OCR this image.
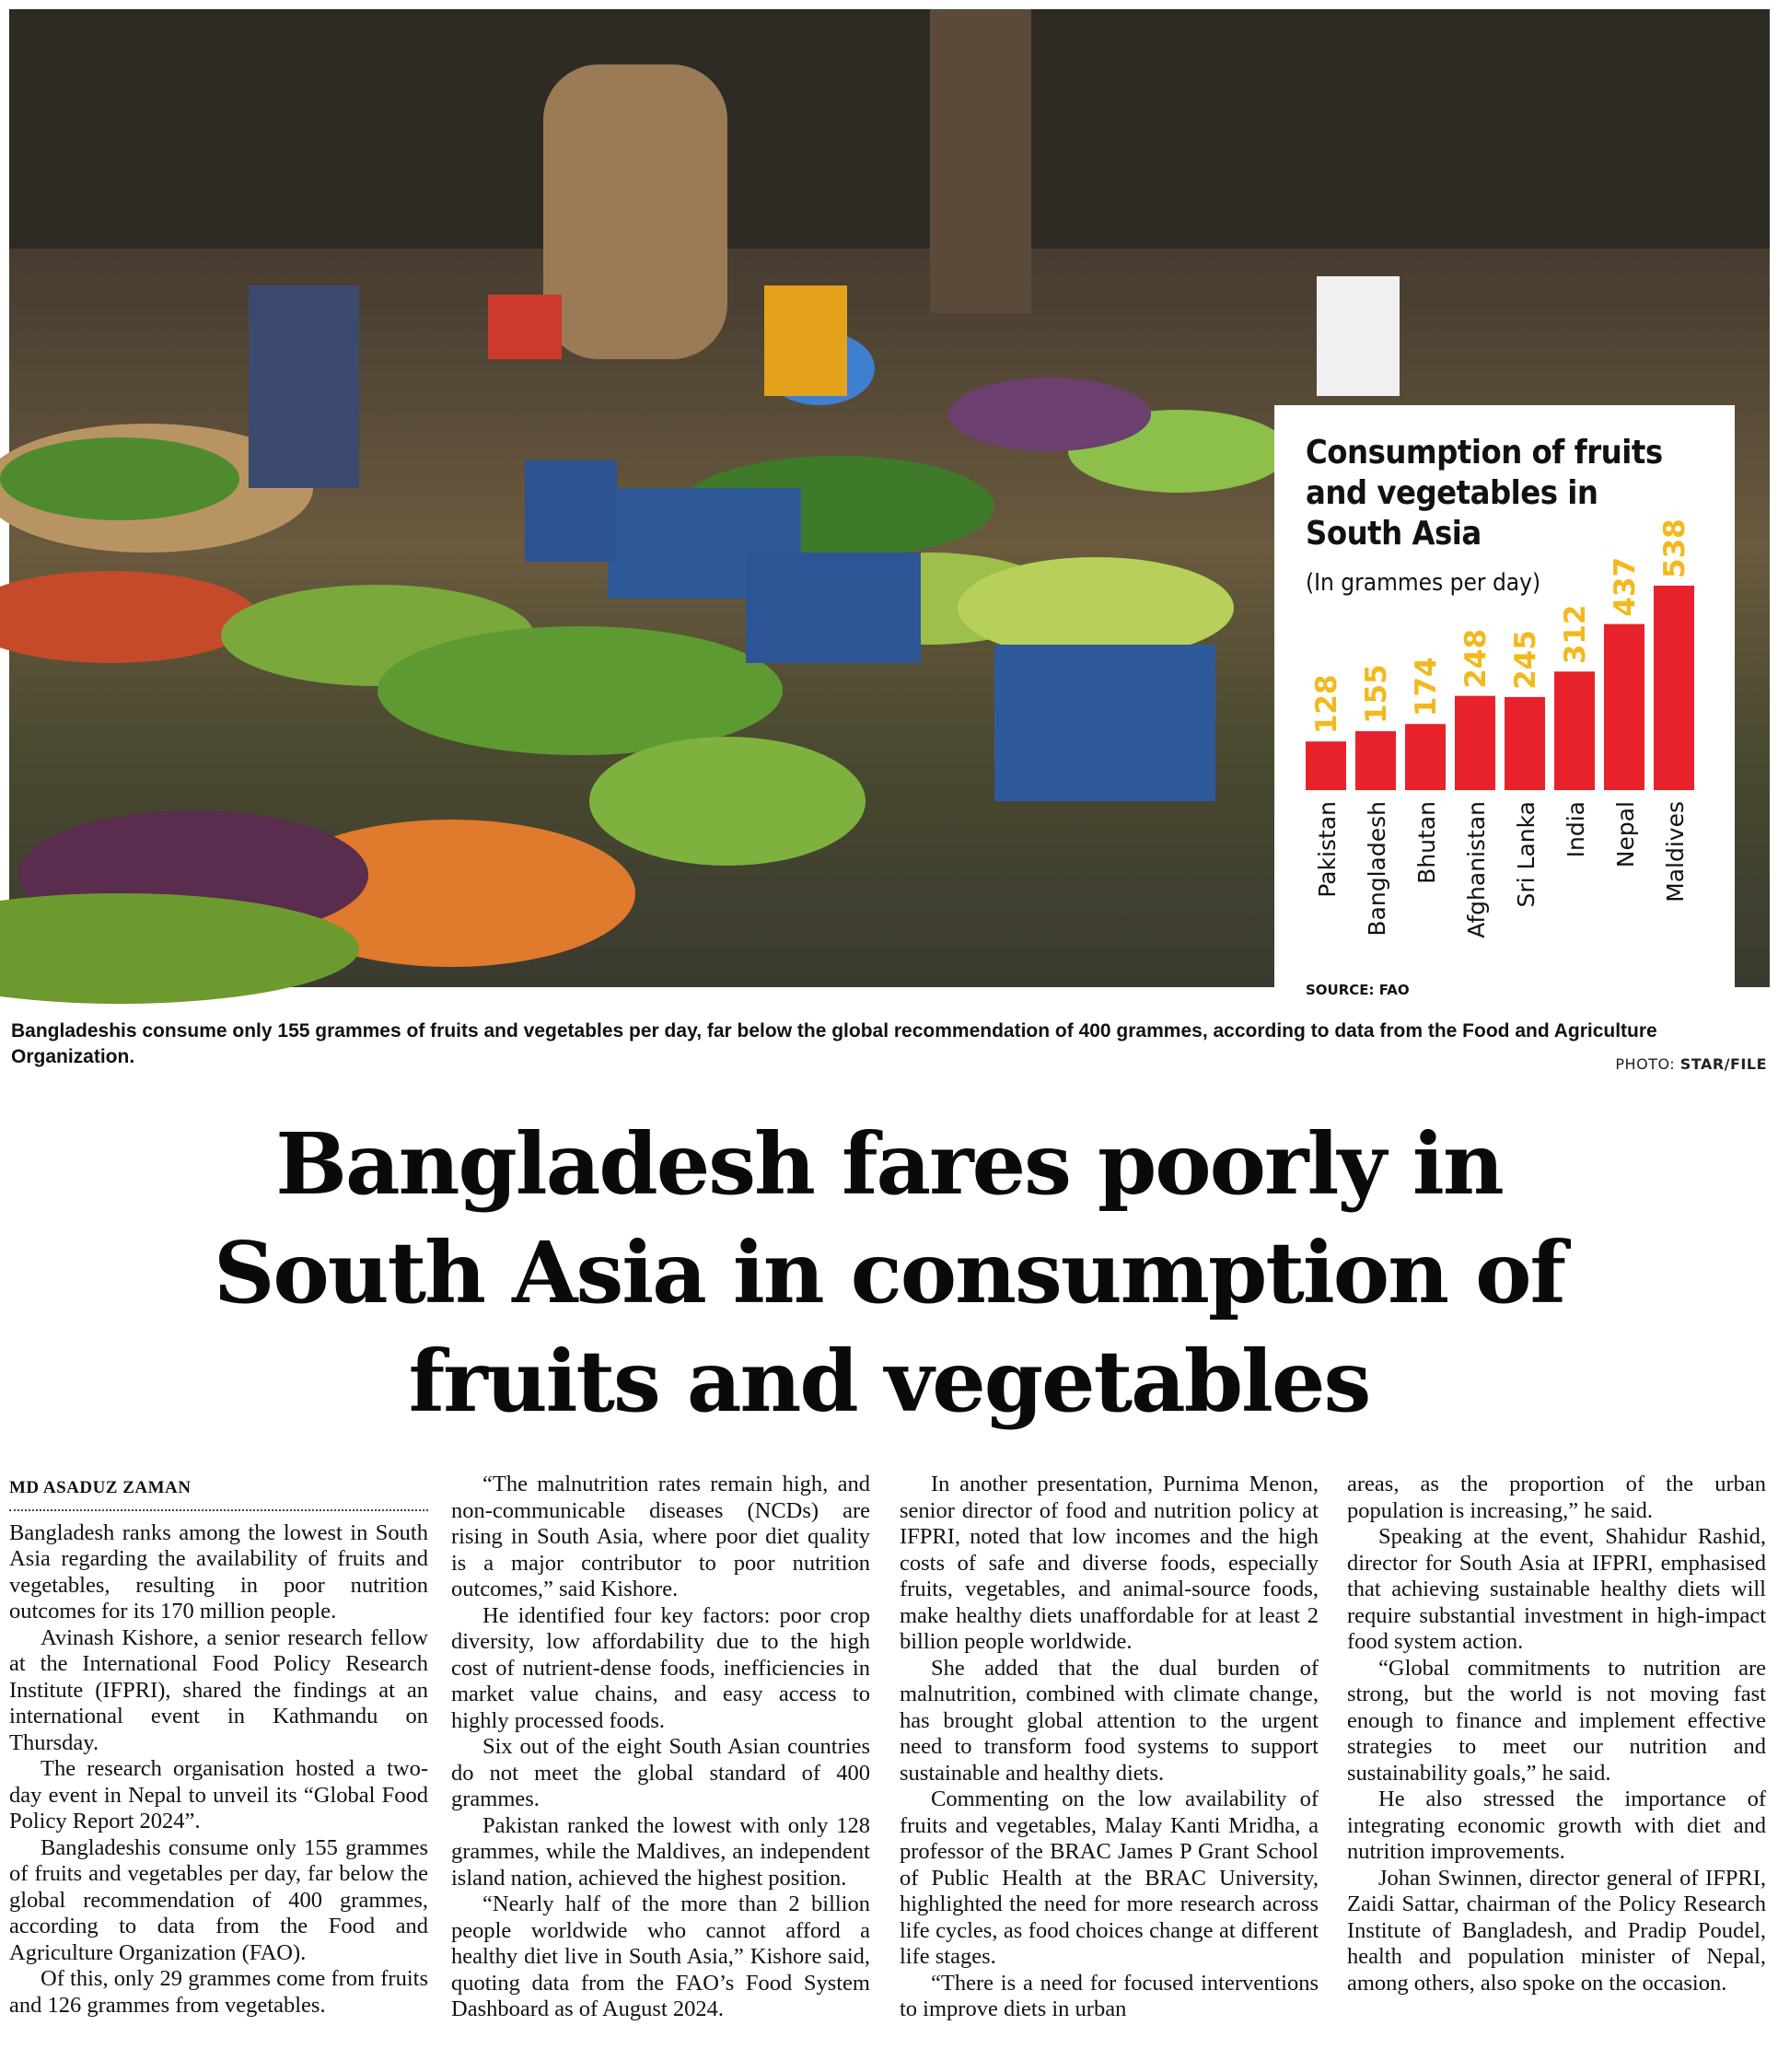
Consumption of fruits
and vegetables in
South Asia
(In grammes per day)
128
Pakistan
155
Bangladesh
174
Bhutan
248
Afghanistan
245
Sri Lanka
312
India
437
Nepal
538
Maldives
SOURCE: FAO
Bangladeshis consume only 155 grammes of fruits and vegetables per day, far below the global recommendation of 400 grammes, according to data from the Food and Agriculture Organization.	PHOTO: STAR/FILE
Bangladesh fares poorly in
South Asia in consumption of
fruits and vegetables
MD ASADUZ ZAMAN

Bangladesh ranks among the lowest in South Asia regarding the availability of fruits and vegetables, resulting in poor nutrition outcomes for its 170 million people.

Avinash Kishore, a senior research fellow at the International Food Policy Research Institute (IFPRI), shared the findings at an international event in Kathmandu on Thursday.

The research organisation hosted a two-day event in Nepal to unveil its “Global Food Policy Report 2024”.

Bangladeshis consume only 155 grammes of fruits and vegetables per day, far below the global recommendation of 400 grammes, according to data from the Food and Agriculture Organization (FAO).

Of this, only 29 grammes come from fruits and 126 grammes from vegetables.

“The malnutrition rates remain high, and non-communicable diseases (NCDs) are rising in South Asia, where poor diet quality is a major contributor to poor nutrition outcomes,” said Kishore.

He identified four key factors: poor crop diversity, low affordability due to the high cost of nutrient-dense foods, inefficiencies in market value chains, and easy access to highly processed foods.

Six out of the eight South Asian countries do not meet the global standard of 400 grammes.

Pakistan ranked the lowest with only 128 grammes, while the Maldives, an independent island nation, achieved the highest position.

“Nearly half of the more than 2 billion people worldwide who cannot afford a healthy diet live in South Asia,” Kishore said, quoting data from the FAO’s Food System Dashboard as of August 2024.

In another presentation, Purnima Menon, senior director of food and nutrition policy at IFPRI, noted that low incomes and the high costs of safe and diverse foods, especially fruits, vegetables, and animal-source foods, make healthy diets unaffordable for at least 2 billion people worldwide.

She added that the dual burden of malnutrition, combined with climate change, has brought global attention to the urgent need to transform food systems to support sustainable and healthy diets.

Commenting on the low availability of fruits and vegetables, Malay Kanti Mridha, a professor of the BRAC James P Grant School of Public Health at the BRAC University, highlighted the need for more research across life cycles, as food choices change at different life stages.

“There is a need for focused interventions to improve diets in urban

areas, as the proportion of the urban population is increasing,” he said.

Speaking at the event, Shahidur Rashid, director for South Asia at IFPRI, emphasised that achieving sustainable healthy diets will require substantial investment in high-impact food system action.

“Global commitments to nutrition are strong, but the world is not moving fast enough to finance and implement effective strategies to meet our nutrition and sustainability goals,” he said.

He also stressed the importance of integrating economic growth with diet and nutrition improvements.

Johan Swinnen, director general of IFPRI, Zaidi Sattar, chairman of the Policy Research Institute of Bangladesh, and Pradip Poudel, health and population minister of Nepal, among others, also spoke on the occasion.
